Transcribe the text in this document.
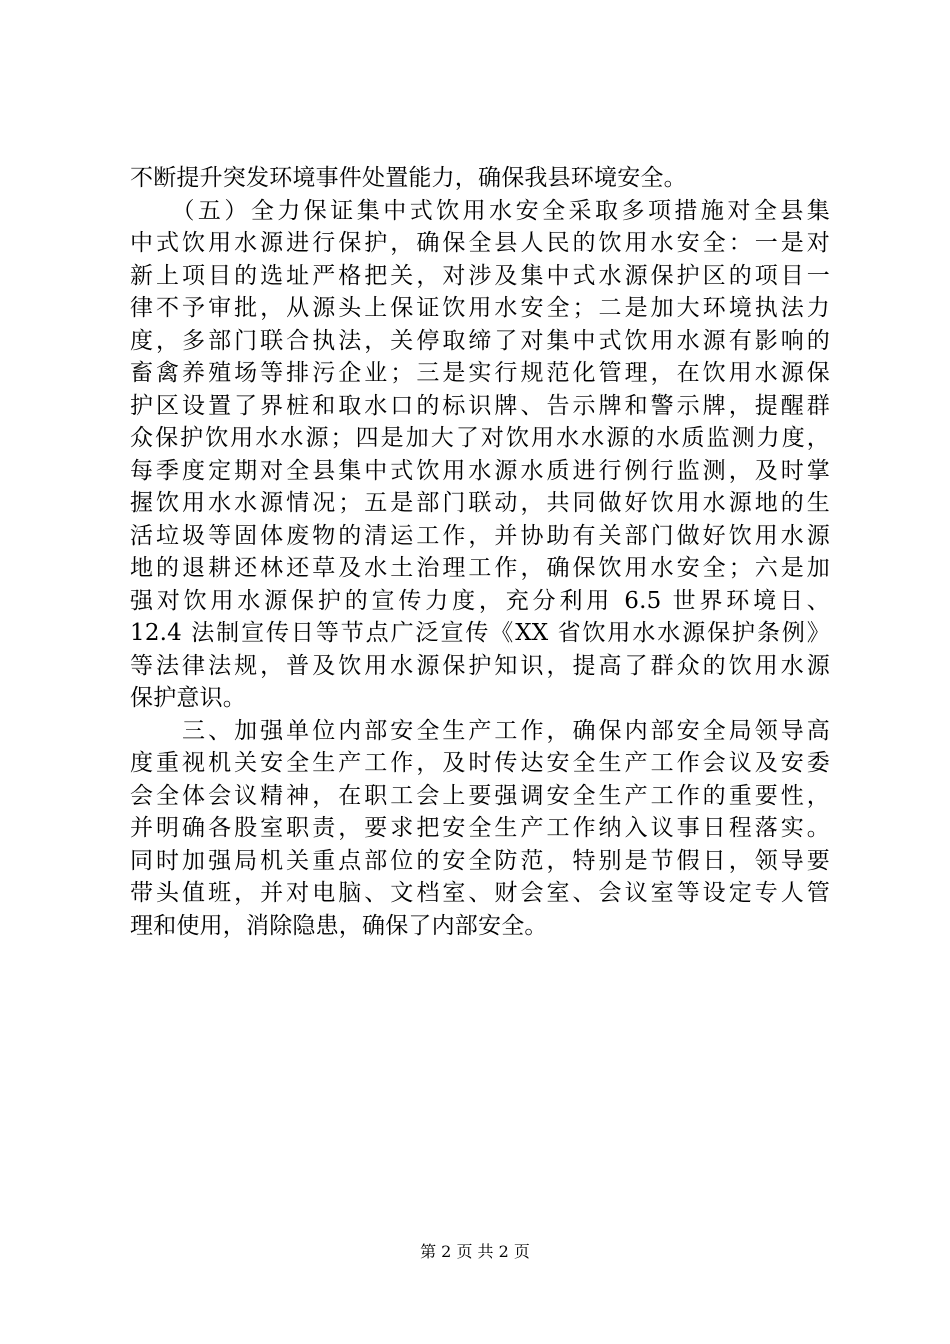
不断提升突发环境事件处置能力，确保我县环境安全。
　　（五）全力保证集中式饮用水安全采取多项措施对全县集
中式饮用水源进行保护，确保全县人民的饮用水安全：一是对
新上项目的选址严格把关，对涉及集中式水源保护区的项目一
律不予审批，从源头上保证饮用水安全；二是加大环境执法力
度，多部门联合执法，关停取缔了对集中式饮用水源有影响的
畜禽养殖场等排污企业；三是实行规范化管理，在饮用水源保
护区设置了界桩和取水口的标识牌、告示牌和警示牌，提醒群
众保护饮用水水源；四是加大了对饮用水水源的水质监测力度，
每季度定期对全县集中式饮用水源水质进行例行监测，及时掌
握饮用水水源情况；五是部门联动，共同做好饮用水源地的生
活垃圾等固体废物的清运工作，并协助有关部门做好饮用水源
地的退耕还林还草及水土治理工作，确保饮用水安全；六是加
强对饮用水源保护的宣传力度，充分利用 6.5 世界环境日、
12.4 法制宣传日等节点广泛宣传《XX 省饮用水水源保护条例》
等法律法规，普及饮用水源保护知识，提高了群众的饮用水源
保护意识。
　　三、加强单位内部安全生产工作，确保内部安全局领导高
度重视机关安全生产工作，及时传达安全生产工作会议及安委
会全体会议精神，在职工会上要强调安全生产工作的重要性，
并明确各股室职责，要求把安全生产工作纳入议事日程落实。
同时加强局机关重点部位的安全防范，特别是节假日，领导要
带头值班，并对电脑、文档室、财会室、会议室等设定专人管
理和使用，消除隐患，确保了内部安全。
第 2 页 共 2 页
